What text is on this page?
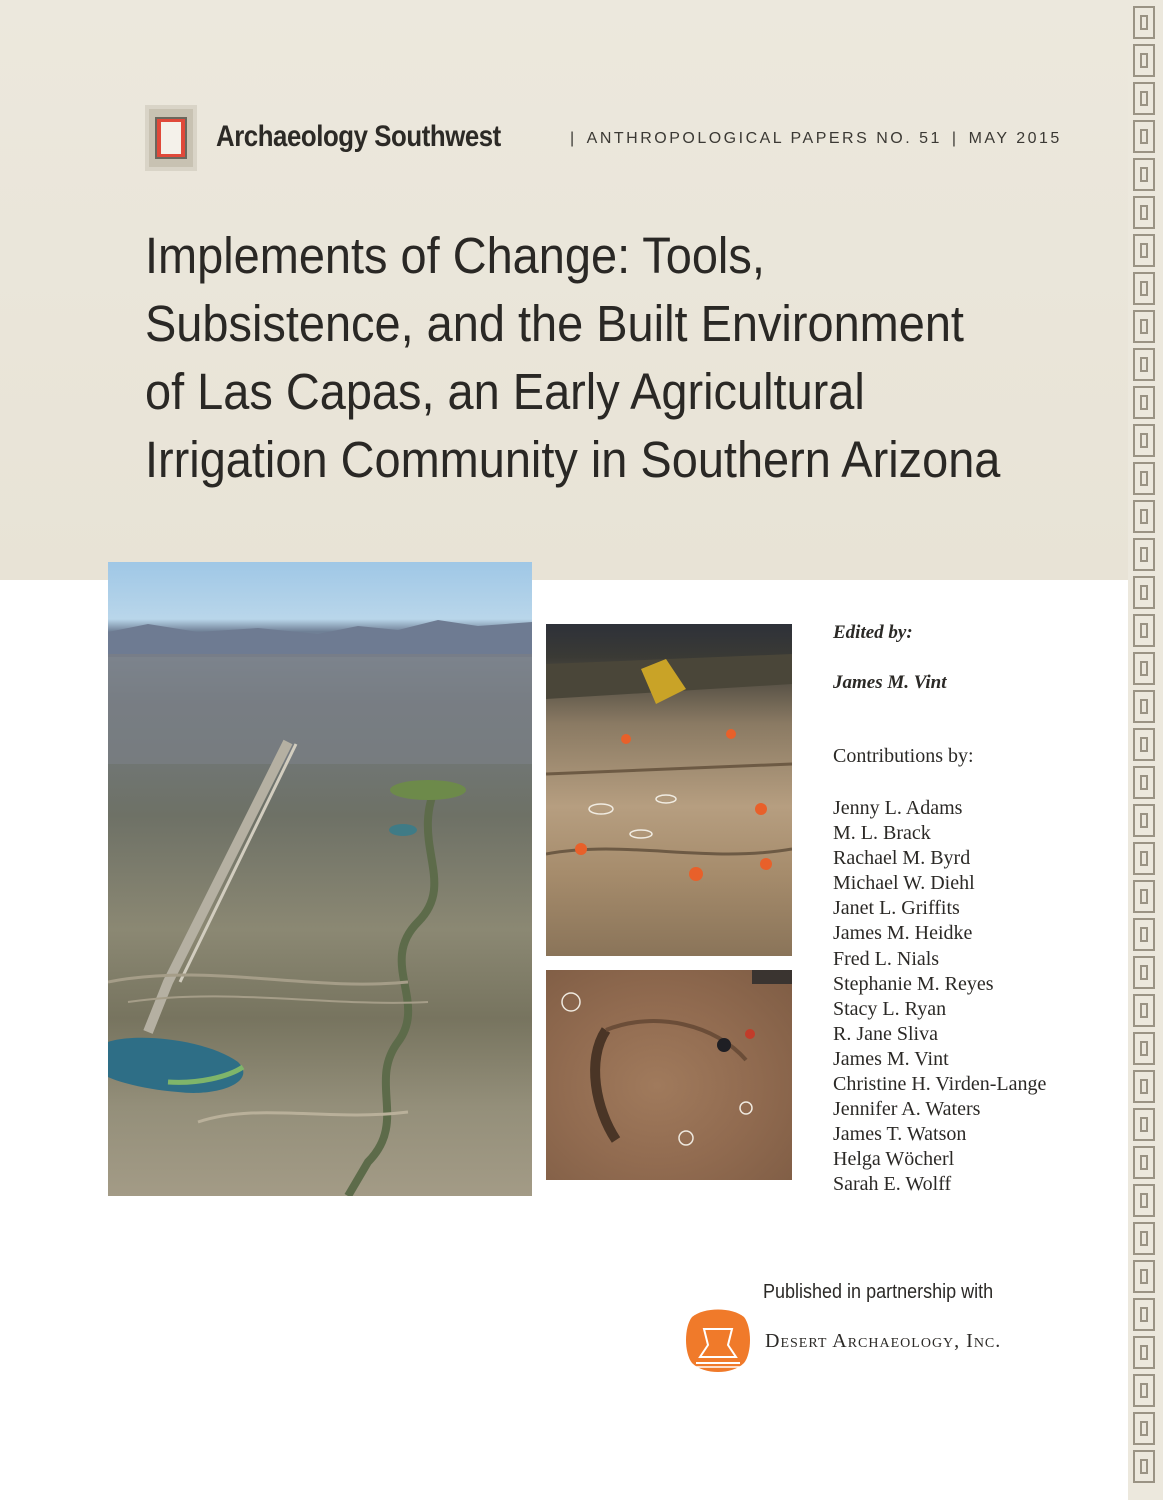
Archaeology Southwest	| ANTHROPOLOGICAL PAPERS NO. 51 | MAY 2015
Implements of Change: Tools,
Subsistence, and the Built Environment
of Las Capas, an Early Agricultural
Irrigation Community in Southern Arizona
Edited by:
James M. Vint
Contributions by:
Jenny L. Adams
M. L. Brack
Rachael M. Byrd
Michael W. Diehl
Janet L. Griffits
James M. Heidke
Fred L. Nials
Stephanie M. Reyes
Stacy L. Ryan
R. Jane Sliva
James M. Vint
Christine H. Virden-Lange
Jennifer A. Waters
James T. Watson
Helga Wöcherl
Sarah E. Wolff
Published in partnership with
Desert Archaeology, Inc.
